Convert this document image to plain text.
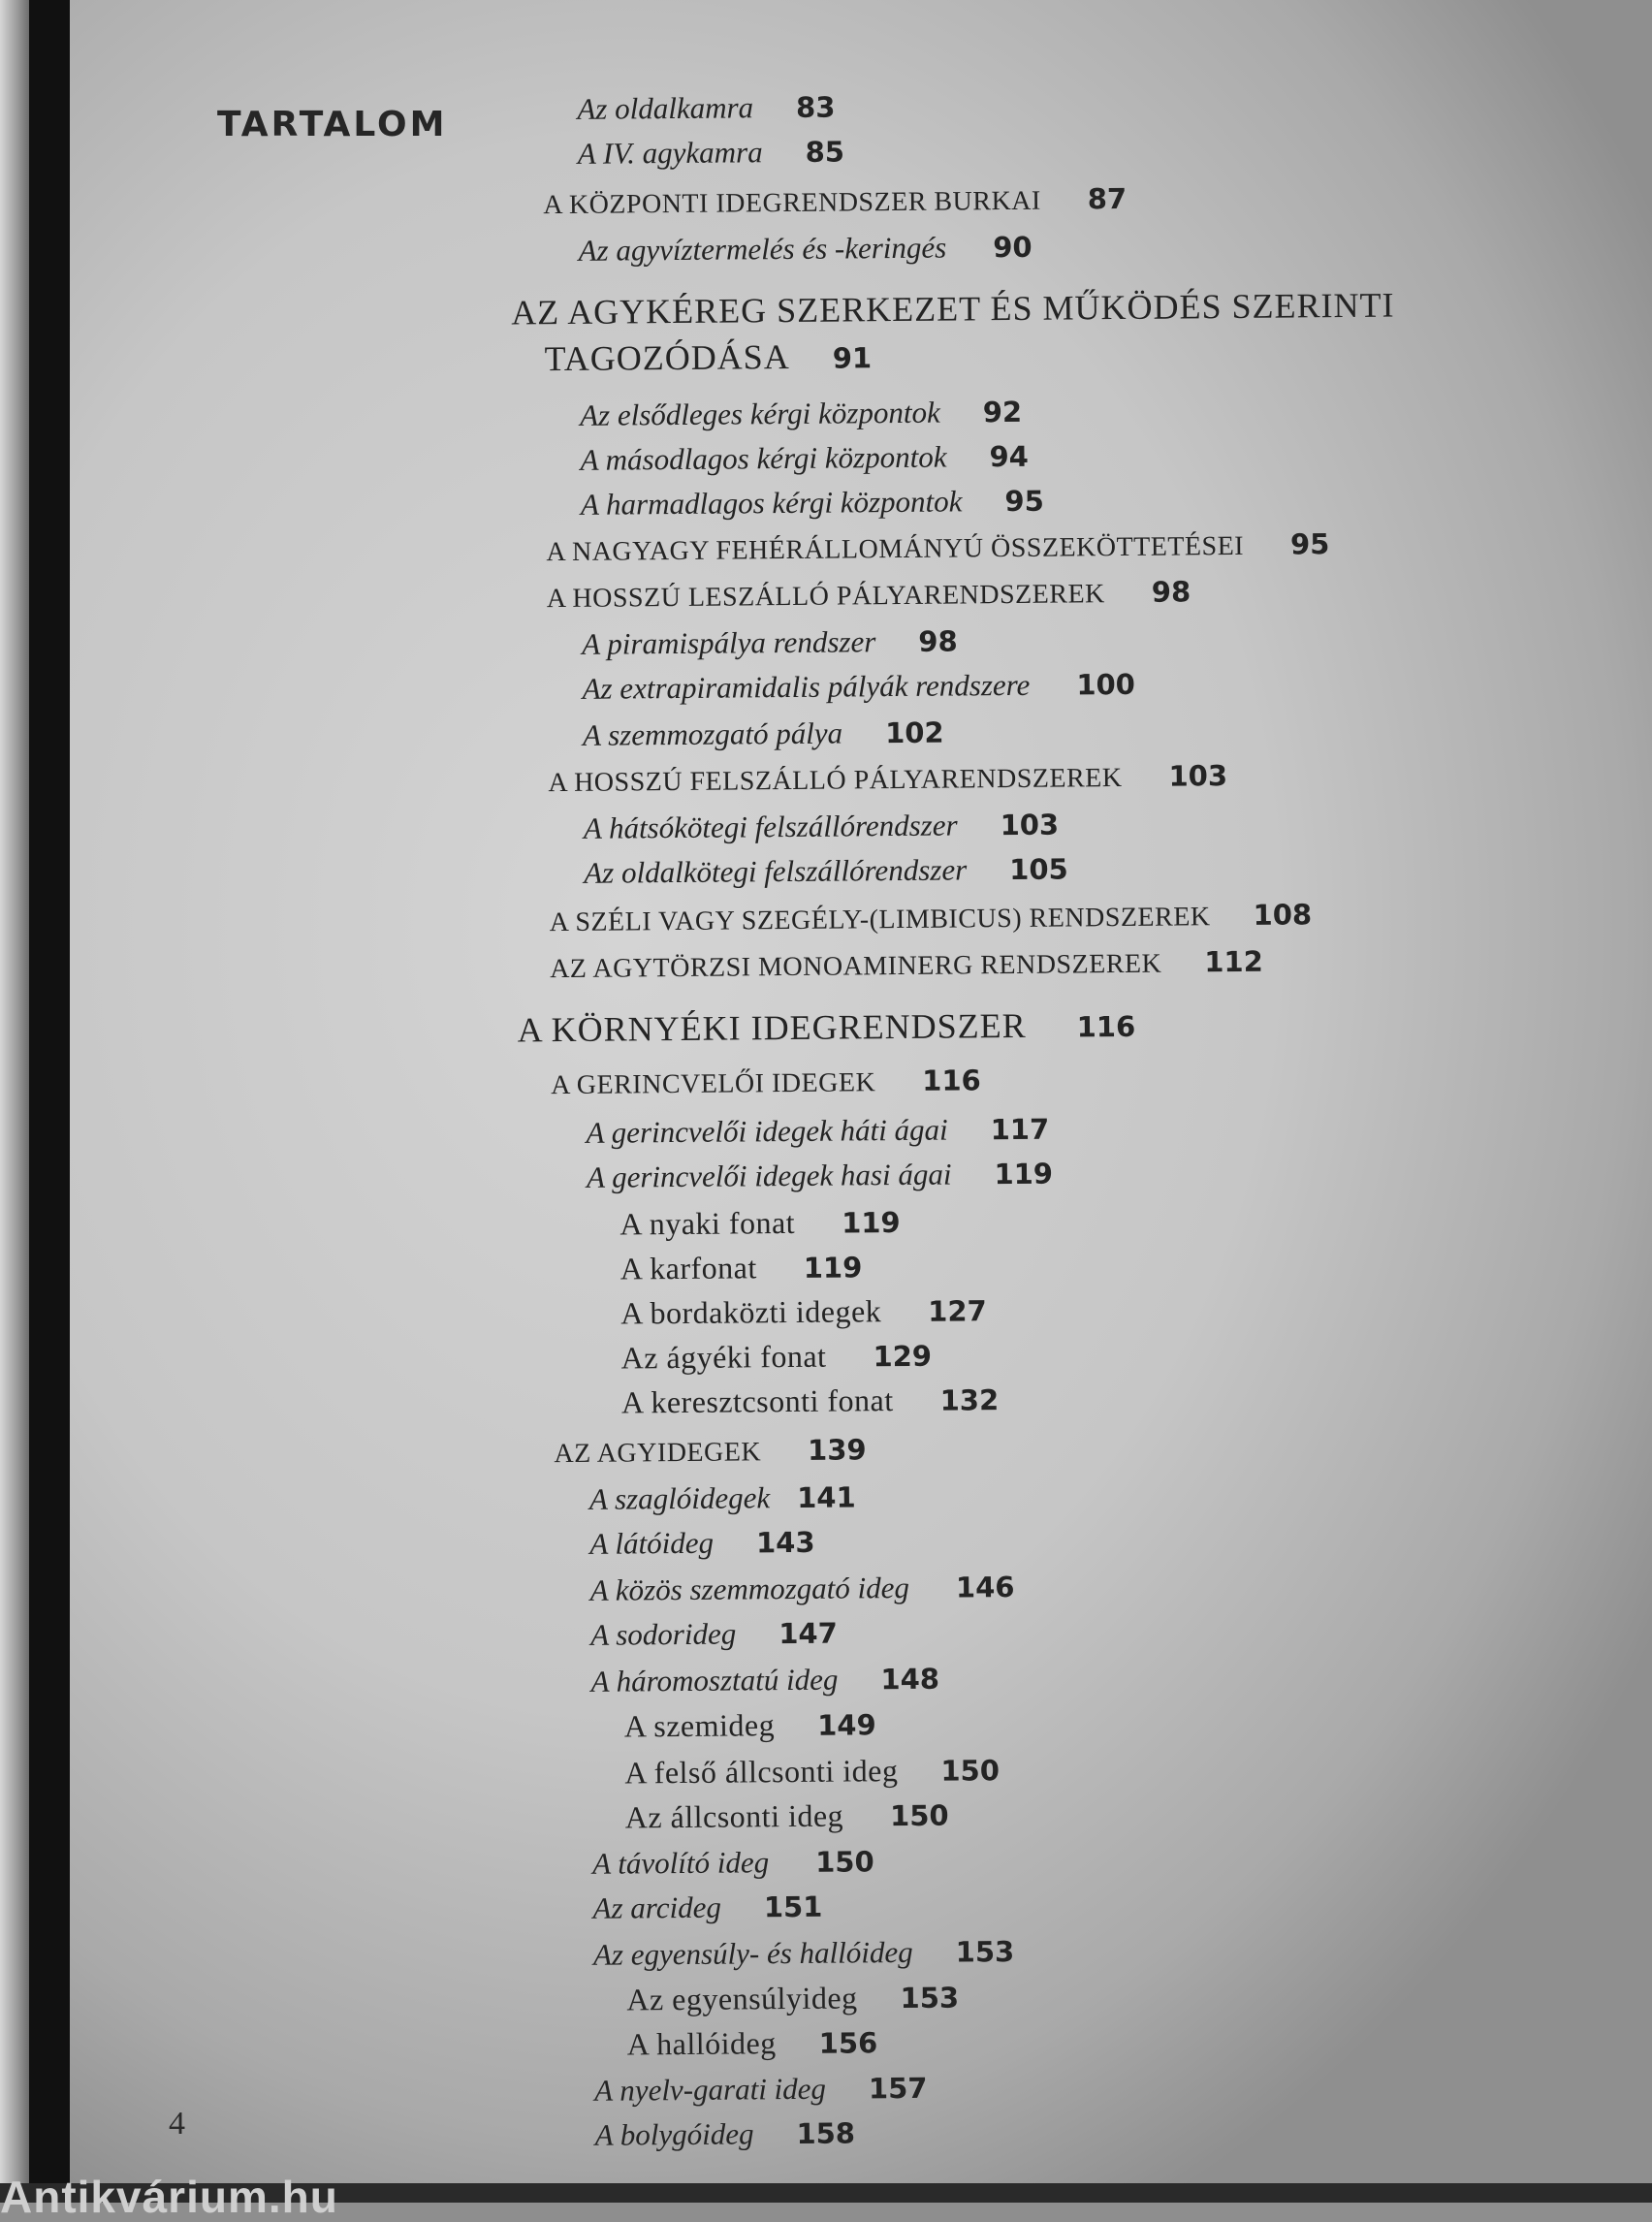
TARTALOM
4
Az oldalkamra 83
A IV. agykamra 85
A KÖZPONTI IDEGRENDSZER BURKAI 87
Az agyvíztermelés és -keringés 90
AZ AGYKÉREG SZERKEZET ÉS MŰKÖDÉS SZERINTI
TAGOZÓDÁSA 91
Az elsődleges kérgi központok 92
A másodlagos kérgi központok 94
A harmadlagos kérgi központok 95
A NAGYAGY FEHÉRÁLLOMÁNYÚ ÖSSZEKÖTTETÉSEI 95
A HOSSZÚ LESZÁLLÓ PÁLYARENDSZEREK 98
A piramispálya rendszer 98
Az extrapiramidalis pályák rendszere 100
A szemmozgató pálya 102
A HOSSZÚ FELSZÁLLÓ PÁLYARENDSZEREK 103
A hátsókötegi felszállórendszer 103
Az oldalkötegi felszállórendszer 105
A SZÉLI VAGY SZEGÉLY-(LIMBICUS) RENDSZEREK 108
AZ AGYTÖRZSI MONOAMINERG RENDSZEREK 112
A KÖRNYÉKI IDEGRENDSZER 116
A GERINCVELŐI IDEGEK 116
A gerincvelői idegek háti ágai 117
A gerincvelői idegek hasi ágai 119
A nyaki fonat 119
A karfonat 119
A bordaközti idegek 127
Az ágyéki fonat 129
A keresztcsonti fonat 132
AZ AGYIDEGEK 139
A szaglóidegek 141
A látóideg 143
A közös szemmozgató ideg 146
A sodorideg 147
A háromosztatú ideg 148
A szemideg 149
A felső állcsonti ideg 150
Az állcsonti ideg 150
A távolító ideg 150
Az arcideg 151
Az egyensúly- és hallóideg 153
Az egyensúlyideg 153
A hallóideg 156
A nyelv-garati ideg 157
A bolygóideg 158
Antikvárium.hu
